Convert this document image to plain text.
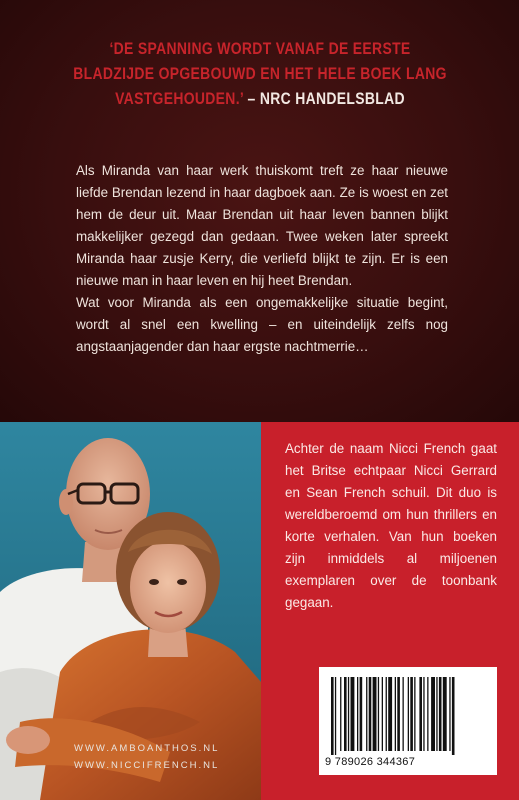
‘DE SPANNING WORDT VANAF DE EERSTE BLADZIJDE OPGEBOUWD EN HET HELE BOEK LANG VASTGEHOUDEN.’ – NRC HANDELSBLAD

Als Miranda van haar werk thuiskomt treft ze haar nieuwe liefde Brendan lezend in haar dagboek aan. Ze is woest en zet hem de deur uit. Maar Brendan uit haar leven bannen blijkt makkelijker gezegd dan gedaan. Twee weken later spreekt Miranda haar zusje Kerry, die verliefd blijkt te zijn. Er is een nieuwe man in haar leven en hij heet Brendan.

Wat voor Miranda als een ongemakkelijke situatie begint, wordt al snel een kwelling – en uiteindelijk zelfs nog angstaanjagender dan haar ergste nachtmerrie…

WWW.AMBOANTHOS.NL
WWW.NICCIFRENCH.NL

Achter de naam Nicci French gaat het Britse echtpaar Nicci Gerrard en Sean French schuil. Dit duo is wereldberoemd om hun thrillers en korte verhalen. Van hun boeken zijn inmiddels al miljoenen exemplaren over de toonbank gegaan.

9 789026 344367
